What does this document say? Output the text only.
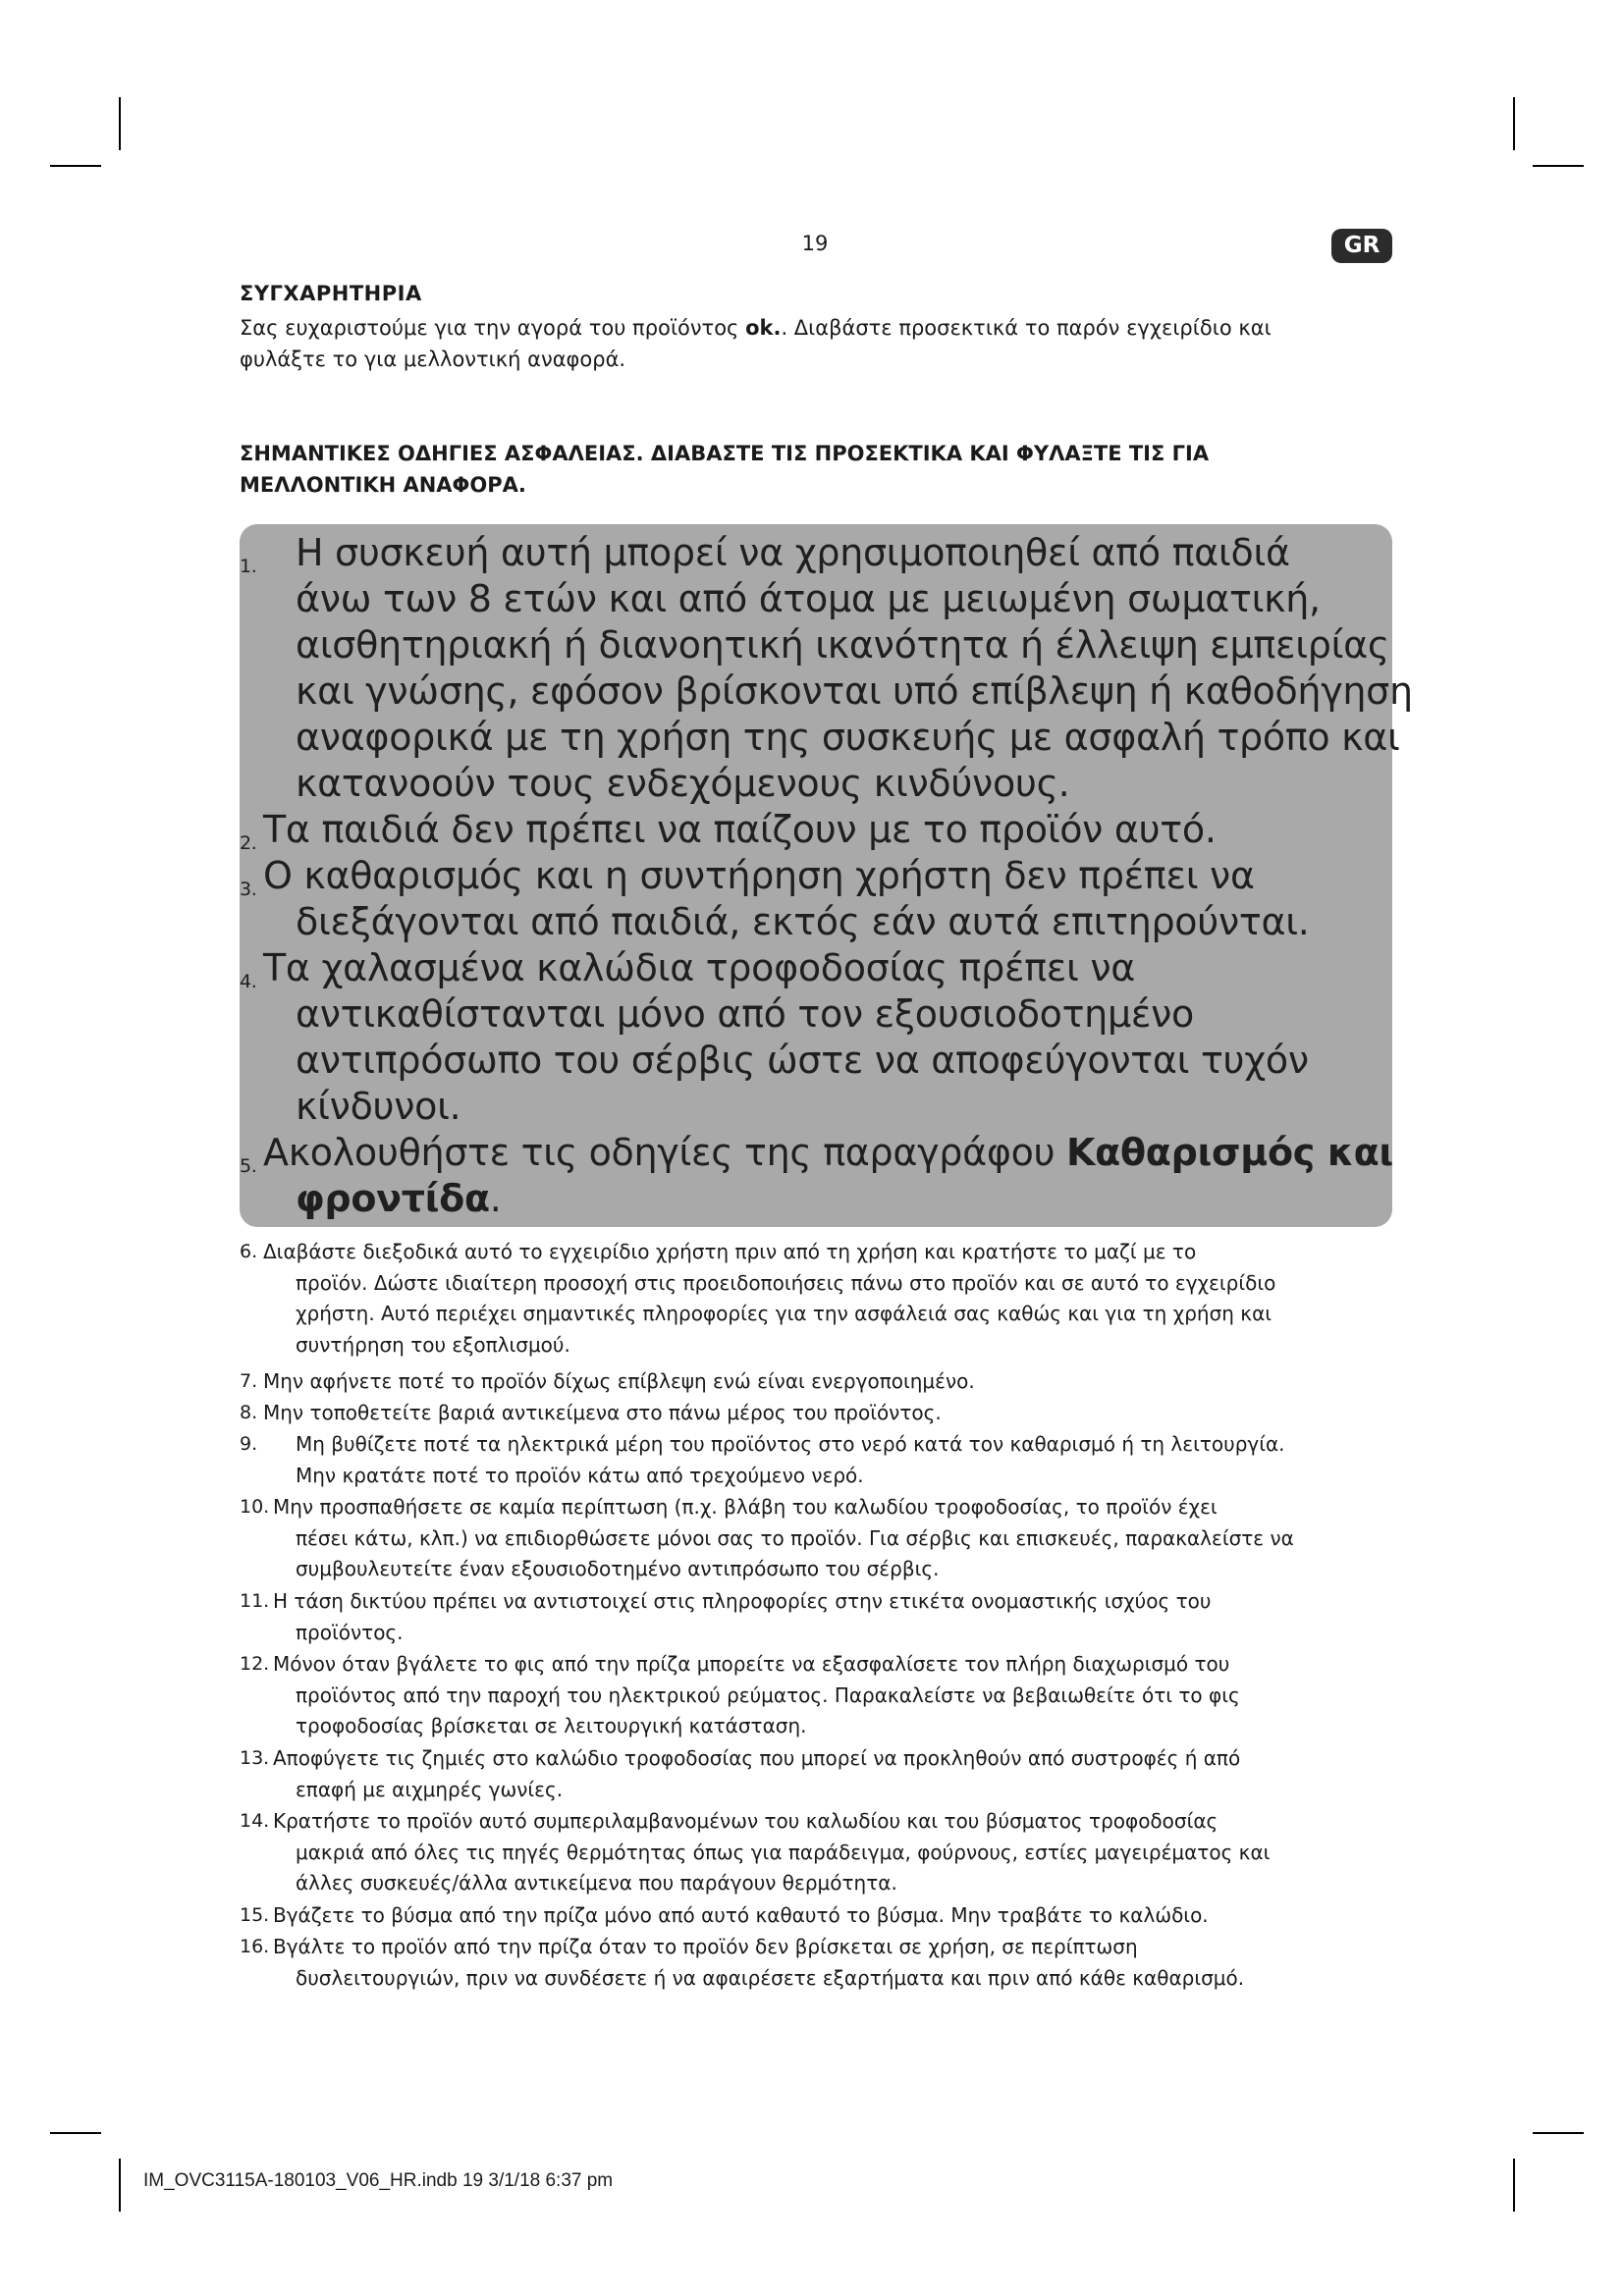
19	GR
ΣΥΓΧΑΡΗΤΗΡΙΑ
Σας ευχαριστούμε για την αγορά του προϊόντος ok.. Διαβάστε προσεκτικά το παρόν εγχειρίδιο και
φυλάξτε το για μελλοντική αναφορά.
ΣΗΜΑΝΤΙΚΕΣ ΟΔΗΓΙΕΣ ΑΣΦΑΛΕΙΑΣ. ΔΙΑΒΑΣΤΕ ΤΙΣ ΠΡΟΣΕΚΤΙΚΑ ΚΑΙ ΦΥΛΑΞΤΕ ΤΙΣ ΓΙΑ
ΜΕΛΛΟΝΤΙΚΗ ΑΝΑΦΟΡΑ.
1.	Η συσκευή αυτή μπορεί να χρησιμοποιηθεί από παιδιά
άνω των 8 ετών και από άτομα με μειωμένη σωματική,
αισθητηριακή ή διανοητική ικανότητα ή έλλειψη εμπειρίας
και γνώσης, εφόσον βρίσκονται υπό επίβλεψη ή καθοδήγηση
αναφορικά με τη χρήση της συσκευής με ασφαλή τρόπο και
κατανοούν τους ενδεχόμενους κινδύνους.
2. Τα παιδιά δεν πρέπει να παίζουν με το προϊόν αυτό.
3. Ο καθαρισμός και η συντήρηση χρήστη δεν πρέπει να
διεξάγονται από παιδιά, εκτός εάν αυτά επιτηρούνται.
4. Τα χαλασμένα καλώδια τροφοδοσίας πρέπει να
αντικαθίστανται μόνο από τον εξουσιοδοτημένο
αντιπρόσωπο του σέρβις ώστε να αποφεύγονται τυχόν
κίνδυνοι.
5. Ακολουθήστε τις οδηγίες της παραγράφου Καθαρισμός και
φροντίδα.
6. Διαβάστε διεξοδικά αυτό το εγχειρίδιο χρήστη πριν από τη χρήση και κρατήστε το μαζί με το
προϊόν. Δώστε ιδιαίτερη προσοχή στις προειδοποιήσεις πάνω στο προϊόν και σε αυτό το εγχειρίδιο
χρήστη. Αυτό περιέχει σημαντικές πληροφορίες για την ασφάλειά σας καθώς και για τη χρήση και
συντήρηση του εξοπλισμού.
7. Μην αφήνετε ποτέ το προϊόν δίχως επίβλεψη ενώ είναι ενεργοποιημένο.
8. Μην τοποθετείτε βαριά αντικείμενα στο πάνω μέρος του προϊόντος.
9.	Μη βυθίζετε ποτέ τα ηλεκτρικά μέρη του προϊόντος στο νερό κατά τον καθαρισμό ή τη λειτουργία.
Μην κρατάτε ποτέ το προϊόν κάτω από τρεχούμενο νερό.
10. Μην προσπαθήσετε σε καμία περίπτωση (π.χ. βλάβη του καλωδίου τροφοδοσίας, το προϊόν έχει
πέσει κάτω, κλπ.) να επιδιορθώσετε μόνοι σας το προϊόν. Για σέρβις και επισκευές, παρακαλείστε να
συμβουλευτείτε έναν εξουσιοδοτημένο αντιπρόσωπο του σέρβις.
11. Η τάση δικτύου πρέπει να αντιστοιχεί στις πληροφορίες στην ετικέτα ονομαστικής ισχύος του
προϊόντος.
12. Μόνον όταν βγάλετε το φις από την πρίζα μπορείτε να εξασφαλίσετε τον πλήρη διαχωρισμό του
προϊόντος από την παροχή του ηλεκτρικού ρεύματος. Παρακαλείστε να βεβαιωθείτε ότι το φις
τροφοδοσίας βρίσκεται σε λειτουργική κατάσταση.
13. Αποφύγετε τις ζημιές στο καλώδιο τροφοδοσίας που μπορεί να προκληθούν από συστροφές ή από
επαφή με αιχμηρές γωνίες.
14. Κρατήστε το προϊόν αυτό συμπεριλαμβανομένων του καλωδίου και του βύσματος τροφοδοσίας
μακριά από όλες τις πηγές θερμότητας όπως για παράδειγμα, φούρνους, εστίες μαγειρέματος και
άλλες συσκευές/άλλα αντικείμενα που παράγουν θερμότητα.
15. Βγάζετε το βύσμα από την πρίζα μόνο από αυτό καθαυτό το βύσμα. Μην τραβάτε το καλώδιο.
16. Βγάλτε το προϊόν από την πρίζα όταν το προϊόν δεν βρίσκεται σε χρήση, σε περίπτωση
δυσλειτουργιών, πριν να συνδέσετε ή να αφαιρέσετε εξαρτήματα και πριν από κάθε καθαρισμό.
IM_OVC3115A-180103_V06_HR.indb 19 3/1/18 6:37 pm
